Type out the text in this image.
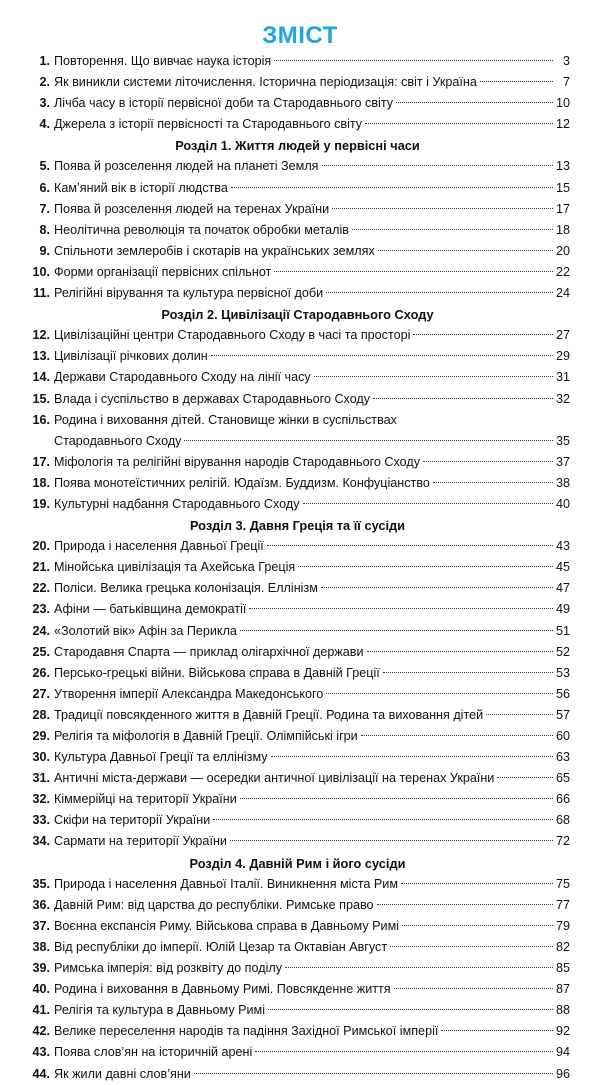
ЗМІСТ
1. Повторення. Що вивчає наука історія	3
2. Як виникли системи літочислення. Історична періодизація: світ і Україна	7
3. Лічба часу в історії первісної доби та Стародавнього світу	10
4. Джерела з історії первісності та Стародавнього світу	12
Розділ 1. Життя людей у первісні часи
5. Поява й розселення людей на планеті Земля	13
6. Кам’яний вік в історії людства	15
7. Поява й розселення людей на теренах України	17
8. Неолітична революція та початок обробки металів	18
9. Спільноти землеробів і скотарів на українських землях	20
10. Форми організації первісних спільнот	22
11. Релігійні вірування та культура первісної доби	24
Розділ 2. Цивілізації Стародавнього Сходу
12. Цивілізаційні центри Стародавнього Сходу в часі та просторі	27
13. Цивілізації річкових долин	29
14. Держави Стародавнього Сходу на лінії часу	31
15. Влада і суспільство в державах Стародавнього Сходу	32
16. Родина і виховання дітей. Становище жінки в суспільствах
Стародавнього Сходу	35
17. Міфологія та релігійні вірування народів Стародавнього Сходу	37
18. Поява монотеїстичних релігій. Юдаїзм. Буддизм. Конфуціанство	38
19. Культурні надбання Стародавнього Сходу	40
Розділ 3. Давня Греція та її сусіди
20. Природа і населення Давньої Греції	43
21. Мінойська цивілізація та Ахейська Греція	45
22. Поліси. Велика грецька колонізація. Еллінізм	47
23. Афіни — батьківщина демократії	49
24. «Золотий вік» Афін за Перикла	51
25. Стародавня Спарта — приклад олігархічної держави	52
26. Персько-грецькі війни. Військова справа в Давній Греції	53
27. Утворення імперії Александра Македонського	56
28. Традиції повсякденного життя в Давній Греції. Родина та виховання дітей	57
29. Релігія та міфологія в Давній Греції. Олімпійські ігри	60
30. Культура Давньої Греції та еллінізму	63
31. Античні міста-держави — осередки античної цивілізації на теренах України	65
32. Кіммерійці на території України	66
33. Скіфи на території України	68
34. Сармати на території України	72
Розділ 4. Давній Рим і його сусіди
35. Природа і населення Давньої Італії. Виникнення міста Рим	75
36. Давній Рим: від царства до республіки. Римське право	77
37. Воєнна експансія Риму. Військова справа в Давньому Римі	79
38. Від республіки до імперії. Юлій Цезар та Октавіан Август	82
39. Римська імперія: від розквіту до поділу	85
40. Родина і виховання в Давньому Римі. Повсякденне життя	87
41. Релігія та культура в Давньому Римі	88
42. Велике переселення народів та падіння Західної Римської імперії	92
43. Поява слов’ян на історичній арені	94
44. Як жили давні слов’яни	96
